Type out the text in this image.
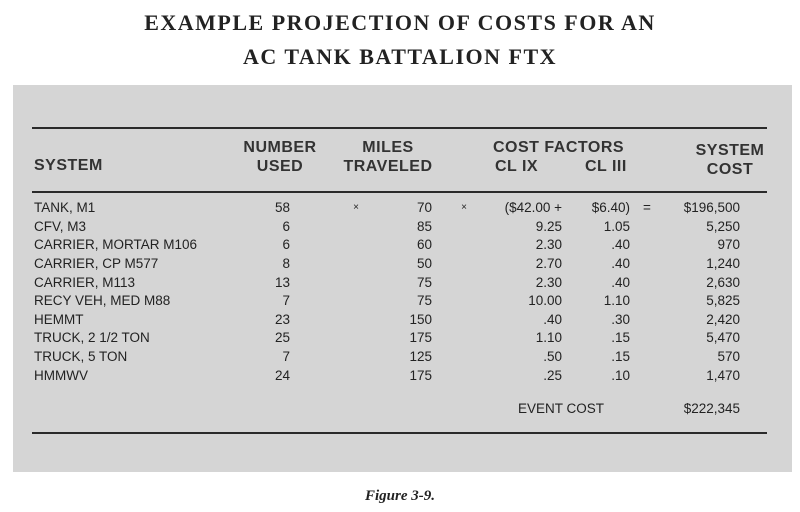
EXAMPLE PROJECTION OF COSTS FOR AN
AC TANK BATTALION FTX
SYSTEM
NUMBER
USED
MILES
TRAVELED
COST FACTORS
CL IX	CL III
SYSTEM
COST
TANK, M1	58	×	70	×	($42.00 +	$6.40) =	$196,500
CFV, M3	6	85	9.25	1.05	5,250
CARRIER, MORTAR M106	6	60	2.30	.40	970
CARRIER, CP M577	8	50	2.70	.40	1,240
CARRIER, M113	13	75	2.30	.40	2,630
RECY VEH, MED M88	7	75	10.00	1.10	5,825
HEMMT	23	150	.40	.30	2,420
TRUCK, 2 1/2 TON	25	175	1.10	.15	5,470
TRUCK, 5 TON	7	125	.50	.15	570
HMMWV	24	175	.25	.10	1,470
EVENT COST	$222,345
Figure 3-9.
